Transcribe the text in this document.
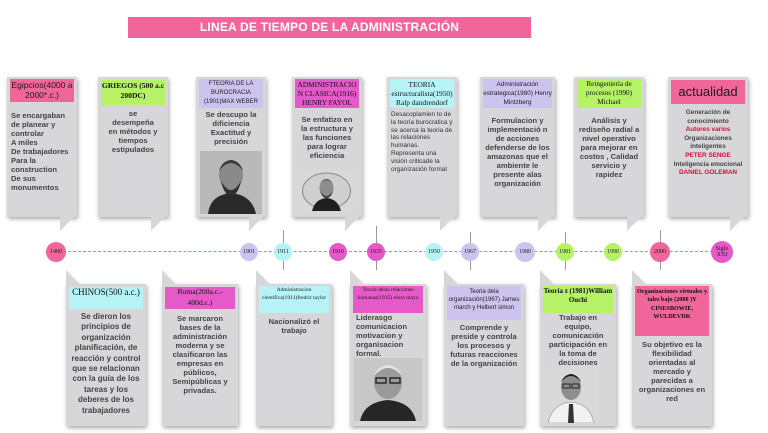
LINEA DE TIEMPO DE LA ADMINISTRACIÓN
Egipcios(4000 a 2000*.c.)
Se encargaban de planear y controlar
A miles
De trabajadores
Para la construction
De sus monumentos
GRIEGOS (500 a.c 200DC)
se desempeña en métodos y tiempos estipulados
FTEORIA DE LA BUROCRACIA (1901)MAX WEBER
Se descupo la dificiencia Exactitud y precisión
ADMINISTRACIO N CLASICA(1916) HENRY FAYOL
Se enfatizo en la estructura y las funciones para lograr eficiencia
TEORIA estructuralista(1950) Ralp dandrendorf
Desacoplamien to de la teoría burocratica y se acerca la teoria de las relaciones humanas. Representa una visión criticade la organización formal
Administración estrategica(1980) Henry Mintzberg
Formulacion y implementació n de acciones defenderse de los amazonas que el ambiente le presente alas organización
Reingeniería de procesos (1990) Michael
Análisis y rediseño radial a nivel operativo para mejorar en costos , Calidad servicio y rapidez
actualidad
Generación de conocimiento
Autores varios
Organizaciones inteligentes
PETER SENGE
Inteligencia emocional
DANIEL GOLEMAN
1400	1901	1911	1916	1935	1950	1967	1980	1981	1990	2000	Siglo XXI
CHINOS(500 a.c.)
Se dieron los principios de organización planificación, de reacción y control que se relacionan con la guía de los tareas y los deberes de los trabajadores
Roma(200a.c.- 400d.c.)
Se marcaron bases de la administración moderna y se clasificaron las empresas en públicos, Semipúblicas y privadas.
Administracion cientifica(1911)fredrir taylor
Nacionalizó el trabajo
Teoria delas relaciones humanas(1935) elton mayo
Liderasgo comunicacion motivacion y organisacion formal.
Teoria dela organización(1967) James march y Helbert simon
Comprende y preside y controla los procesos y futuras reacciones de la organización
Teoría z (1981)William Ouchi
Trabajo en equipo, comunicación participación en la toma de decisiones
Organizaciones virtuales y tales bajo (2000 )Y CINESBOWIE, WULDEVDK
Su objetivo es la flexibilidad orientadas al mercado y parecidas a organizaciones en red
